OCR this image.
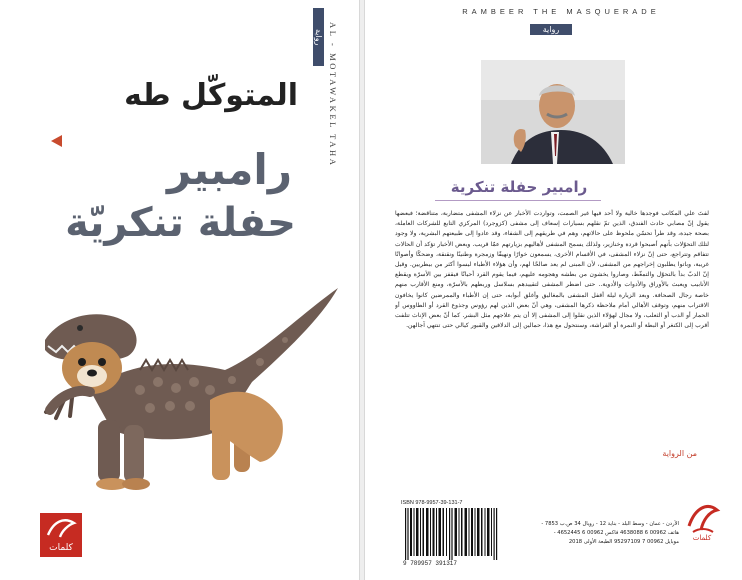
رواية AL - MOTAWAKEL TAHA
المتوكّل طه
رامبير
حفلة تنكريّة
كلمات
RAMBEER THE MASQUERADE
رواية
رامبير حفلة تنكرية
لفتَ علي المكاتب فوجدها خالية ولا أحد فيها غير الصمت، وتواردت الأخبار عن نزلاء المشفى متضاربة، متناقضة؛ فبعضها يقول إنّ مصابي حادث الفندق، الذين تمّ نقلهم بسيارات إسعاف إلى مشفى (كزوجرد) المركزي التابع للشركات العاملة، بصحة جيدة، وقد طرأ تحسّن ملحوظ على حالاتهم، وهم في طريقهم إلى الشفاء، وقد عادوا إلى طبيعتهم البشرية، ولا وجود لتلك التحوّلات بأنهم أصبحوا قردة وخنازير، ولذلك يسمح المشفى لأهاليهم بزيارتهم عمّا قريب. وبعض الأخبار تؤكد أن الحالات تتفاقم وتتراجع، حتى إنّ نزلاء المشفى، في الأقسام الأخرى، يسمعون خوارًا ونهيقًا وزمجرة وطنينًا ونقنقة، وضحكًا وأصواتًا غريبة، وباتوا يطلبون إخراجهم من المشفى، لأن المبنى لم يعد صالحًا لهم، وأن هؤلاء الأطباء ليسوا أكثر من بيطريين. وقيل إنّ الدبّ بدأ بالتحوّل والتمغّط، وصاروا يخشون من بطشه وهجومه عليهم، فيما يقوم القرد أحيانًا فيقفز بين الأسرّة ويقطع الأنابيب ويعبث بالأوراق والأدوات والأدوية.. حتى اضطر المشفى لتقييدهم بسلاسل وربطهم بالأسرّة، ومنع الأقارب منهم خاصة رجال الصحافة. وبعد الزيارة ليلة أقفل المشفى بالمغاليق وأغلق أبوابه، حتى إن الأطباء والممرضين كانوا يخافون الاقتراب منهم، وتوقف الأهالي أمام ملاحظة ذكرها المشفى، وهي أنّ بعض الذين لهم رؤوس وجذوع القرد أو الطاووس أو الحمار أو الدب أو الثعلب، ولا مجال لهؤلاء الذين نقلوا إلى المشفى إلا أن يتم علاجهم مثل البشر. كما أنّ بعض الإناث تتلفت أقرب إلى الكنغر أو البطة أو النمرة أو الفراشة، وسنتحول مع هذا، حمالين إلى الدلافين والقبور كيالي حتى تنتهي آجالهن.
من الرواية
ISBN 978-9957-39-131-7
9 789957 391317
الأردن - عمان - وسط البلد - بناية 12 - رويال 34 ص.ب 7853 - هاتف 00962 6 4638088 فاكس 00962 6 4652445 - موبايل 00962 7 95297109 الطبعة الأولى 2018
كلمات
